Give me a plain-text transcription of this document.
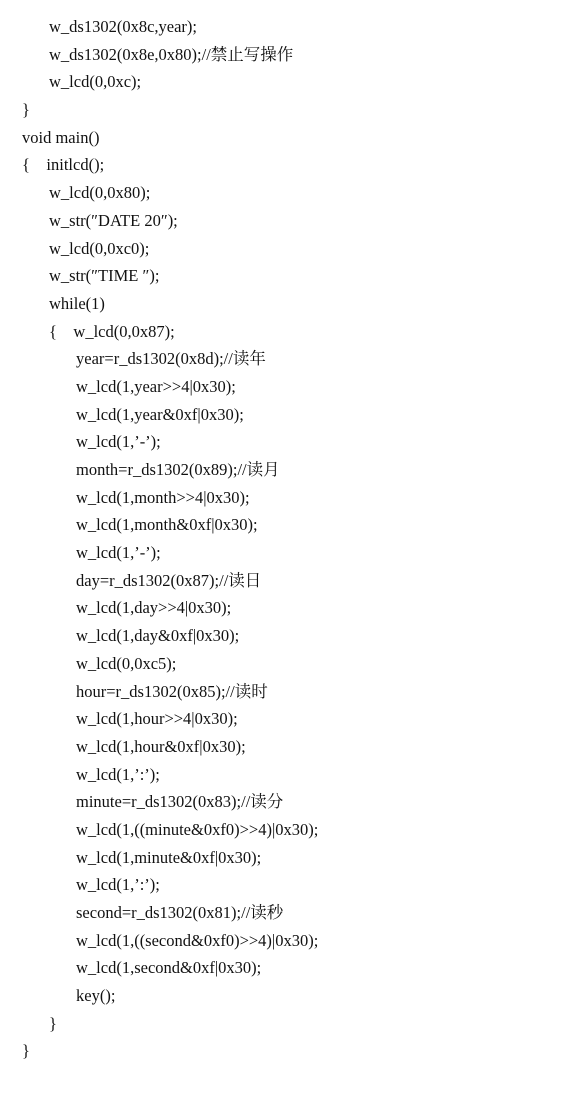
w_ds1302(0x8c,year);
w_ds1302(0x8e,0x80);//禁止写操作
w_lcd(0,0xc);
}
void main()
{    initlcd();
w_lcd(0,0x80);
w_str(″DATE 20″);
w_lcd(0,0xc0);
w_str(″TIME ″);
while(1)
{    w_lcd(0,0x87);
year=r_ds1302(0x8d);//读年
w_lcd(1,year>>4|0x30);
w_lcd(1,year&0xf|0x30);
w_lcd(1,’-’);
month=r_ds1302(0x89);//读月
w_lcd(1,month>>4|0x30);
w_lcd(1,month&0xf|0x30);
w_lcd(1,’-’);
day=r_ds1302(0x87);//读日
w_lcd(1,day>>4|0x30);
w_lcd(1,day&0xf|0x30);
w_lcd(0,0xc5);
hour=r_ds1302(0x85);//读时
w_lcd(1,hour>>4|0x30);
w_lcd(1,hour&0xf|0x30);
w_lcd(1,’:’);
minute=r_ds1302(0x83);//读分
w_lcd(1,((minute&0xf0)>>4)|0x30);
w_lcd(1,minute&0xf|0x30);
w_lcd(1,’:’);
second=r_ds1302(0x81);//读秒
w_lcd(1,((second&0xf0)>>4)|0x30);
w_lcd(1,second&0xf|0x30);
key();
}
}
